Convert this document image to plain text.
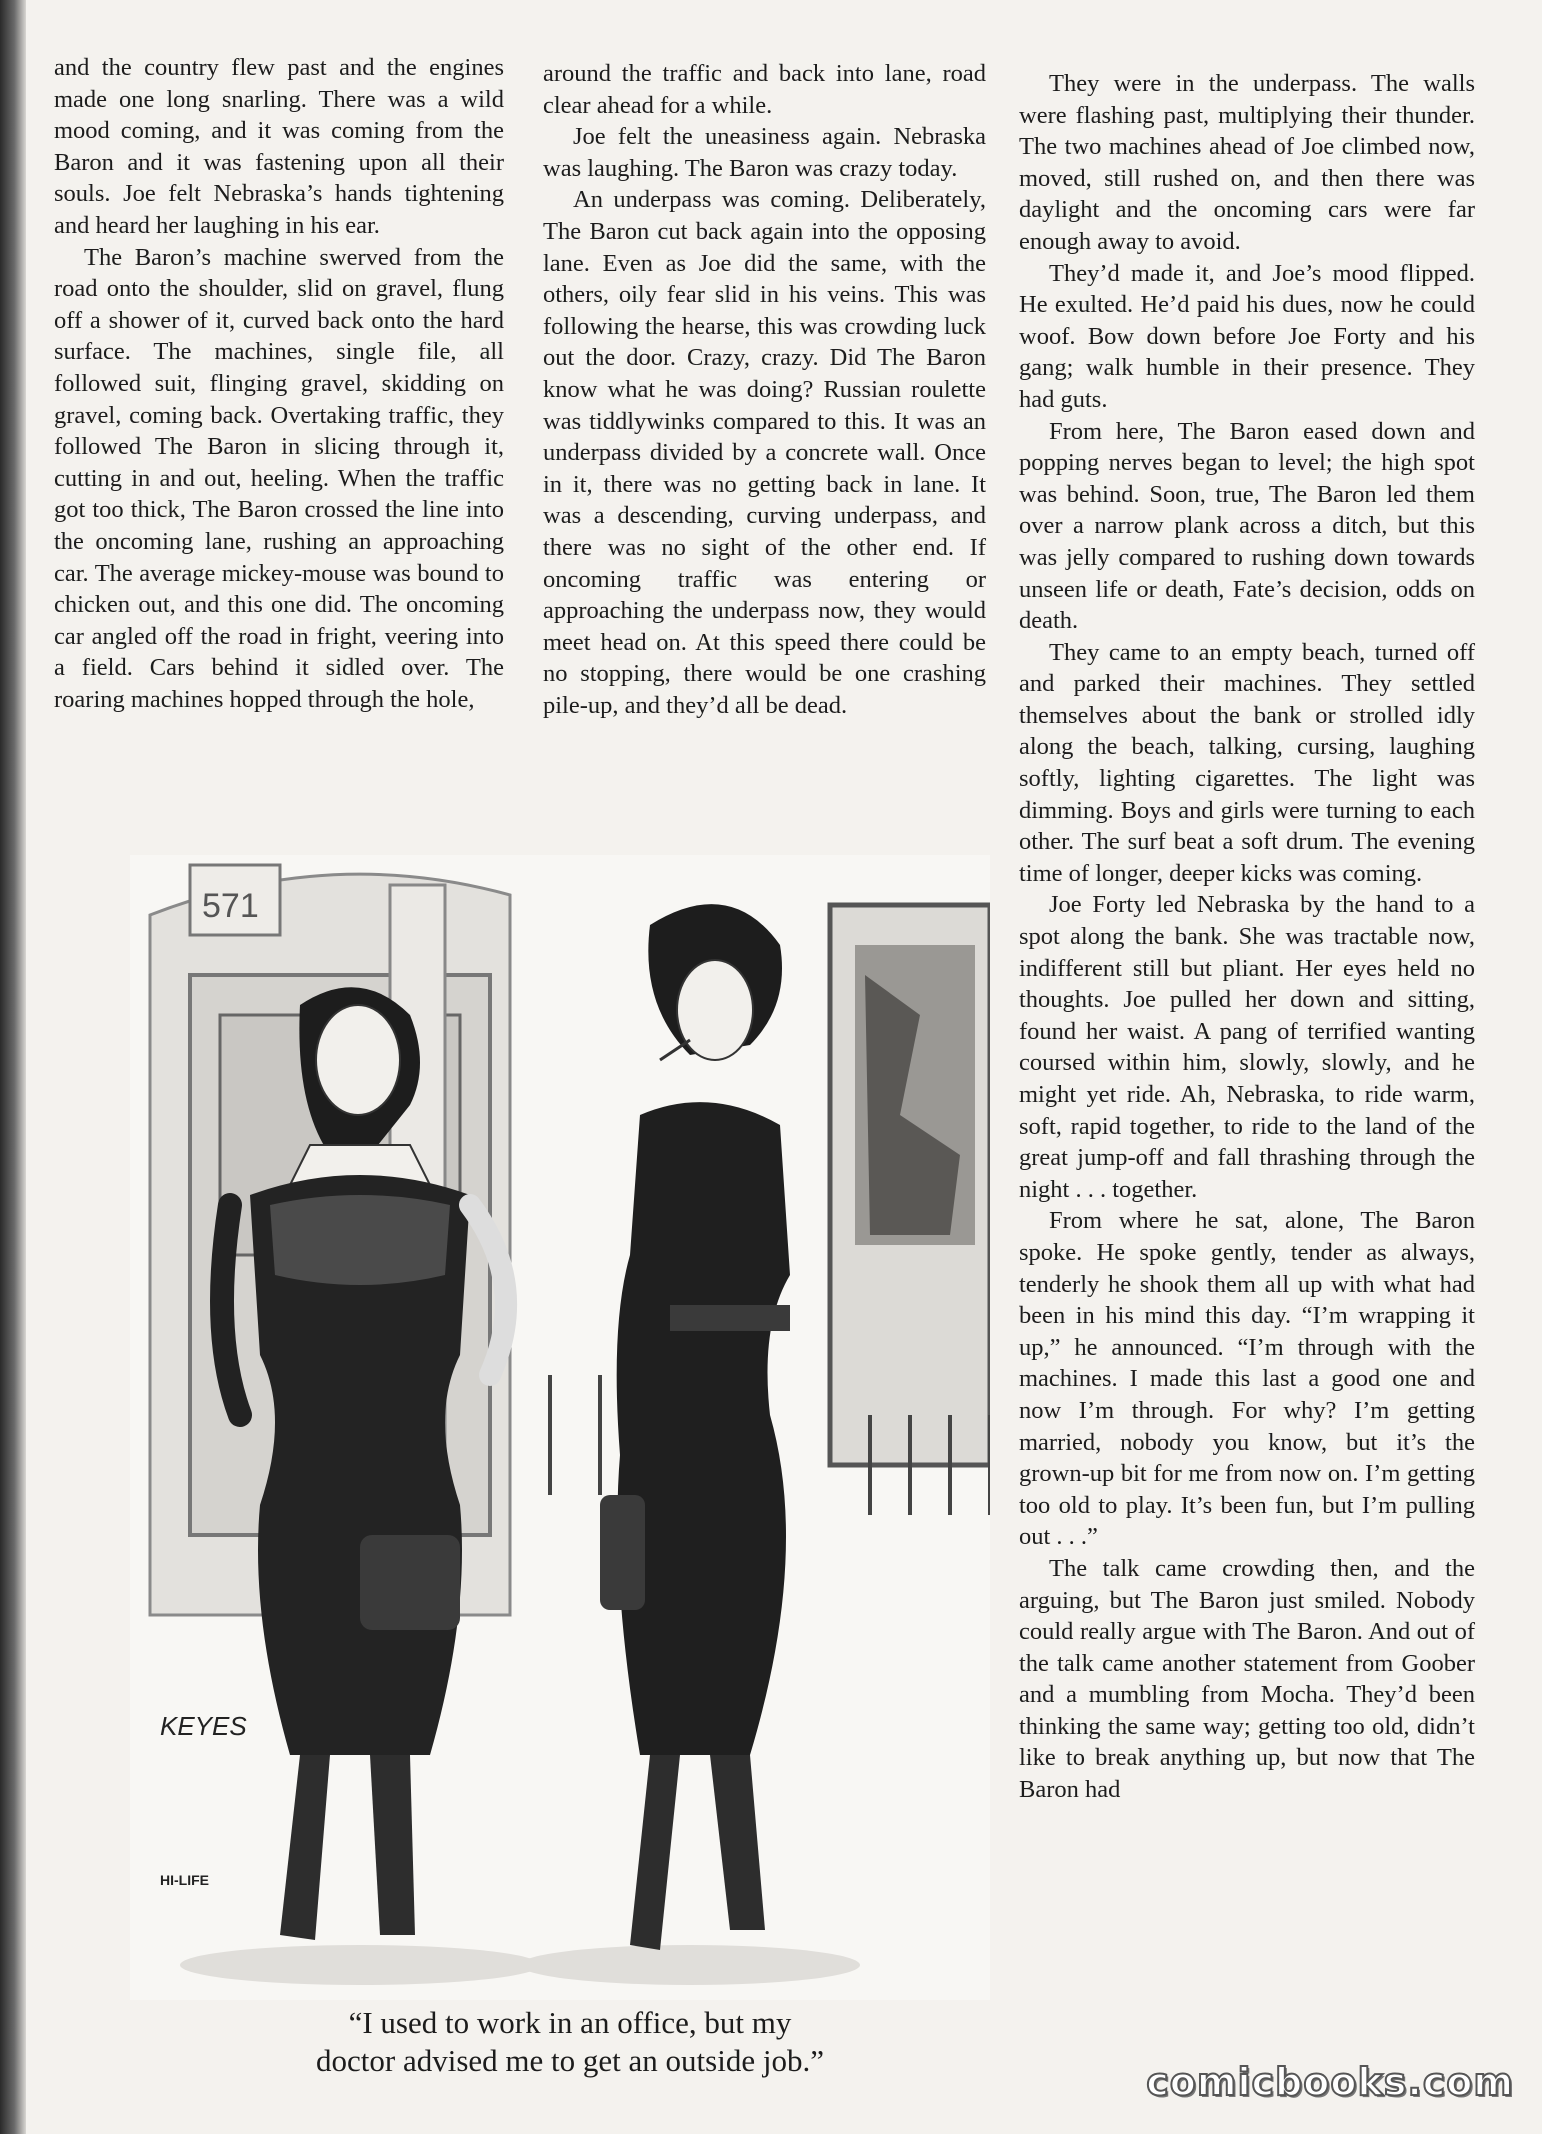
and the country flew past and the engines made one long snarling. There was a wild mood coming, and it was coming from the Baron and it was fastening upon all their souls. Joe felt Nebraska’s hands tightening and heard her laughing in his ear.

The Baron’s machine swerved from the road onto the shoulder, slid on gravel, flung off a shower of it, curved back onto the hard surface. The machines, single file, all followed suit, flinging gravel, skidding on gravel, coming back. Overtaking traffic, they followed The Baron in slicing through it, cutting in and out, heeling. When the traffic got too thick, The Baron crossed the line into the oncoming lane, rushing an approaching car. The average mickey-mouse was bound to chicken out, and this one did. The oncoming car angled off the road in fright, veering into a field. Cars behind it sidled over. The roaring machines hopped through the hole,

around the traffic and back into lane, road clear ahead for a while.

Joe felt the uneasiness again. Nebraska was laughing. The Baron was crazy today.

An underpass was coming. Deliberately, The Baron cut back again into the opposing lane. Even as Joe did the same, with the others, oily fear slid in his veins. This was following the hearse, this was crowding luck out the door. Crazy, crazy. Did The Baron know what he was doing? Russian roulette was tiddlywinks compared to this. It was an underpass divided by a concrete wall. Once in it, there was no getting back in lane. It was a descending, curving underpass, and there was no sight of the other end. If oncoming traffic was entering or approaching the underpass now, they would meet head on. At this speed there could be no stopping, there would be one crashing pile-up, and they’d all be dead.

They were in the underpass. The walls were flashing past, multiplying their thunder. The two machines ahead of Joe climbed now, moved, still rushed on, and then there was daylight and the oncoming cars were far enough away to avoid.

They’d made it, and Joe’s mood flipped. He exulted. He’d paid his dues, now he could woof. Bow down before Joe Forty and his gang; walk humble in their presence. They had guts.

From here, The Baron eased down and popping nerves began to level; the high spot was behind. Soon, true, The Baron led them over a narrow plank across a ditch, but this was jelly compared to rushing down towards unseen life or death, Fate’s decision, odds on death.

They came to an empty beach, turned off and parked their machines. They settled themselves about the bank or strolled idly along the beach, talking, cursing, laughing softly, lighting cigarettes. The light was dimming. Boys and girls were turning to each other. The surf beat a soft drum. The evening time of longer, deeper kicks was coming.

Joe Forty led Nebraska by the hand to a spot along the bank. She was tractable now, indifferent still but pliant. Her eyes held no thoughts. Joe pulled her down and sitting, found her waist. A pang of terrified wanting coursed within him, slowly, slowly, and he might yet ride. Ah, Nebraska, to ride warm, soft, rapid together, to ride to the land of the great jump-off and fall thrashing through the night . . . together.

From where he sat, alone, The Baron spoke. He spoke gently, tender as always, tenderly he shook them all up with what had been in his mind this day. “I’m wrapping it up,” he announced. “I’m through with the machines. I made this last a good one and now I’m through. For why? I’m getting married, nobody you know, but it’s the grown-up bit for me from now on. I’m getting too old to play. It’s been fun, but I’m pulling out . . .”

The talk came crowding then, and the arguing, but The Baron just smiled. Nobody could really argue with The Baron. And out of the talk came another statement from Goober and a mumbling from Mocha. They’d been thinking the same way; getting too old, didn’t like to break anything up, but now that The Baron had

571
KEYES
HI-LIFE
“I used to work in an office, but my
doctor advised me to get an outside job.”	comicbooks.com
